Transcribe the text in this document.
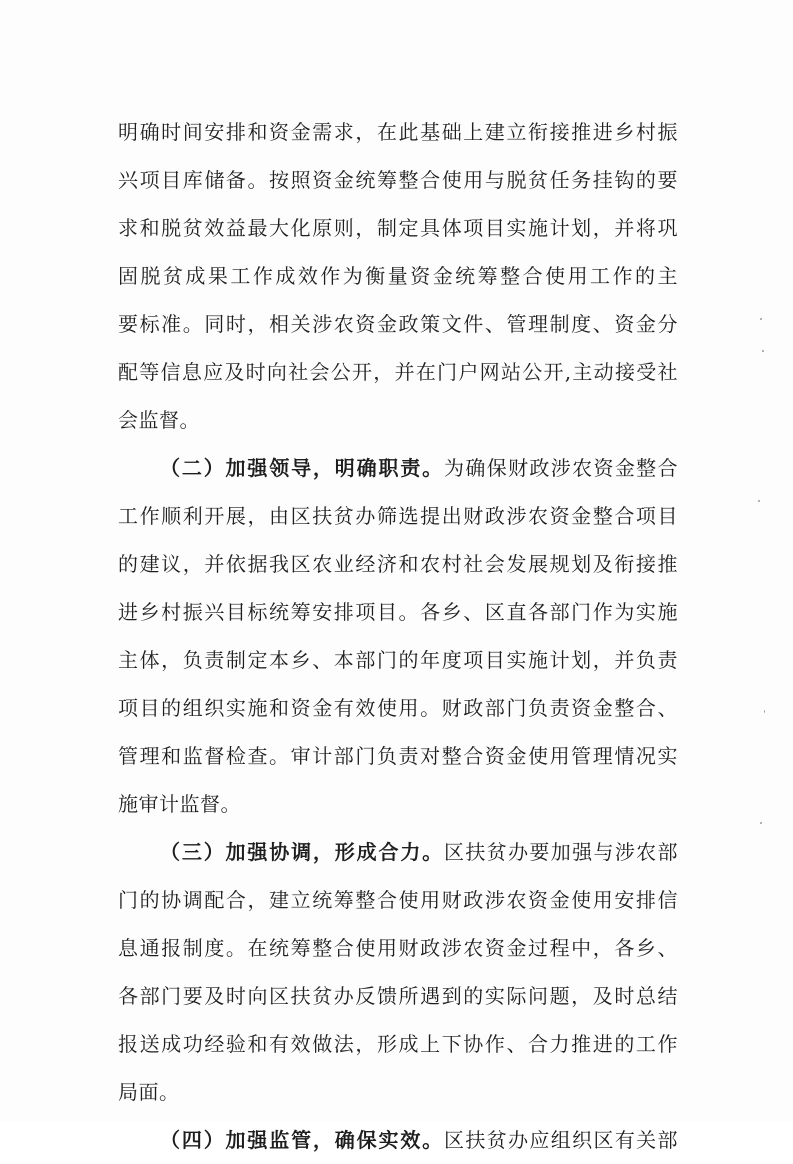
明确时间安排和资金需求，在此基础上建立衔接推进乡村振
兴项目库储备。按照资金统筹整合使用与脱贫任务挂钩的要
求和脱贫效益最大化原则，制定具体项目实施计划，并将巩
固脱贫成果工作成效作为衡量资金统筹整合使用工作的主
要标准。同时，相关涉农资金政策文件、管理制度、资金分
配等信息应及时向社会公开，并在门户网站公开,主动接受社
会监督。
（二）加强领导，明确职责。为确保财政涉农资金整合
工作顺利开展，由区扶贫办筛选提出财政涉农资金整合项目
的建议，并依据我区农业经济和农村社会发展规划及衔接推
进乡村振兴目标统筹安排项目。各乡、区直各部门作为实施
主体，负责制定本乡、本部门的年度项目实施计划，并负责
项目的组织实施和资金有效使用。财政部门负责资金整合、
管理和监督检查。审计部门负责对整合资金使用管理情况实
施审计监督。
（三）加强协调，形成合力。区扶贫办要加强与涉农部
门的协调配合，建立统筹整合使用财政涉农资金使用安排信
息通报制度。在统筹整合使用财政涉农资金过程中，各乡、
各部门要及时向区扶贫办反馈所遇到的实际问题，及时总结
报送成功经验和有效做法，形成上下协作、合力推进的工作
局面。
（四）加强监管，确保实效。区扶贫办应组织区有关部
